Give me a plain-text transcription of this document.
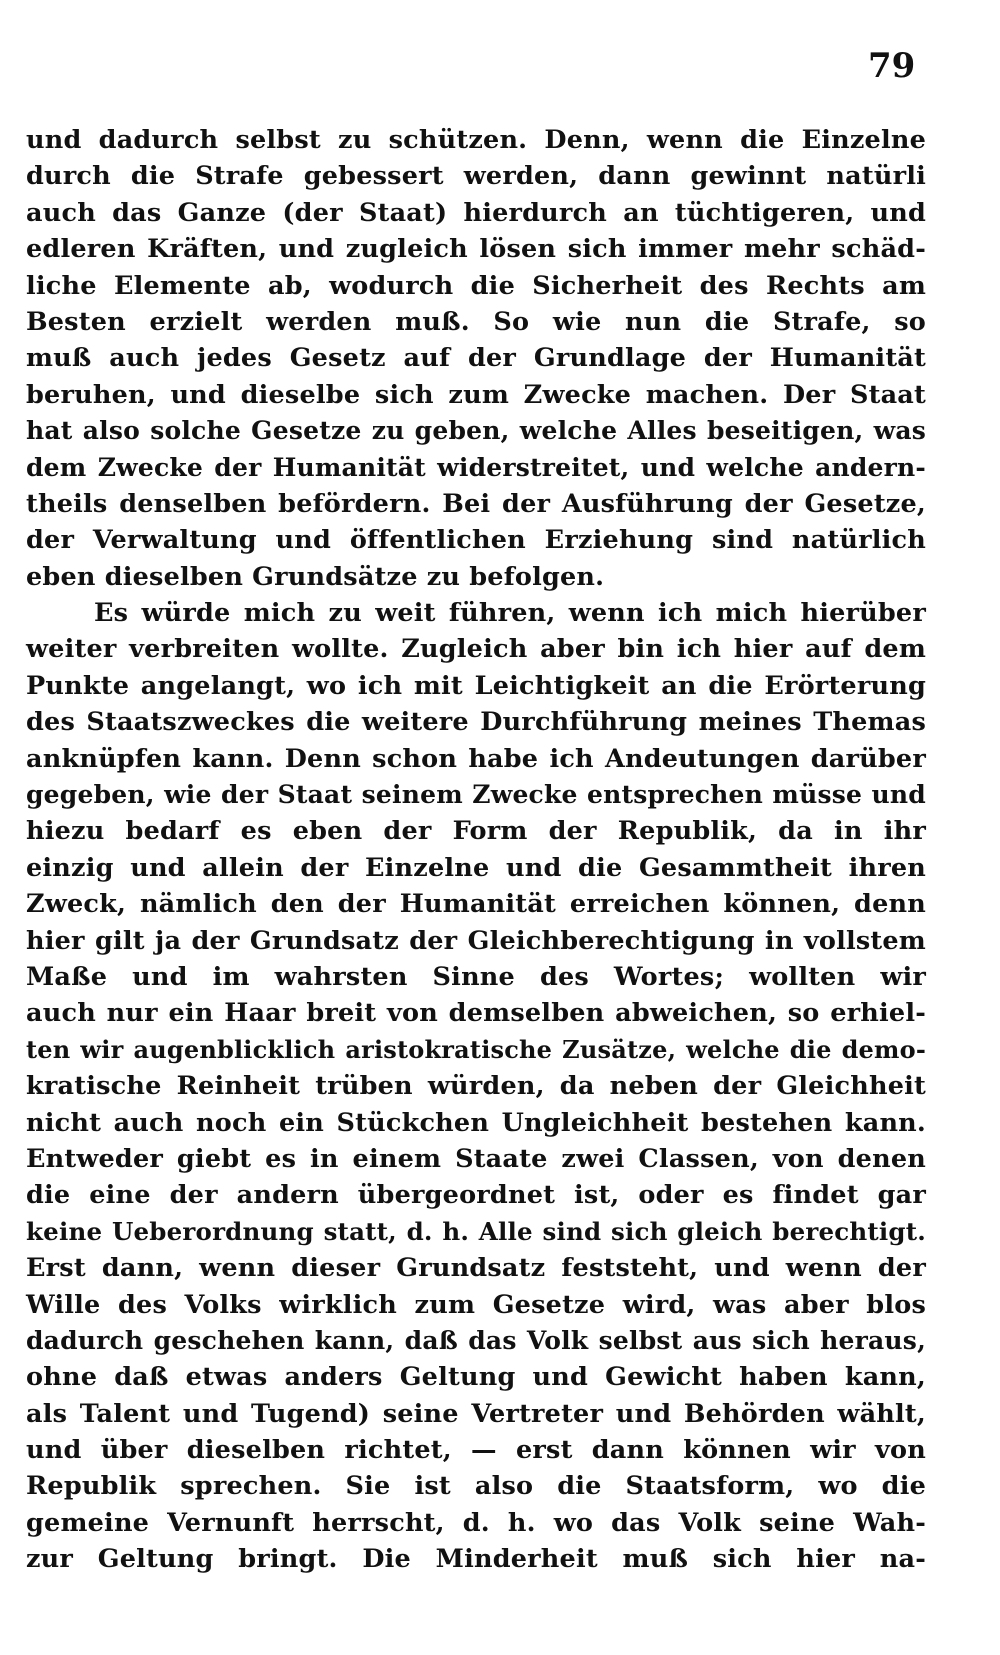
79
und dadurch selbst zu schützen. Denn, wenn die Einzelne
durch die Strafe gebessert werden, dann gewinnt natürli
auch das Ganze (der Staat) hierdurch an tüchtigeren, und
edleren Kräften, und zugleich lösen sich immer mehr schäd-
liche Elemente ab, wodurch die Sicherheit des Rechts am
Besten erzielt werden muß. So wie nun die Strafe, so
muß auch jedes Gesetz auf der Grundlage der Humanität
beruhen, und dieselbe sich zum Zwecke machen. Der Staat
hat also solche Gesetze zu geben, welche Alles beseitigen, was
dem Zwecke der Humanität widerstreitet, und welche andern-
theils denselben befördern. Bei der Ausführung der Gesetze,
der Verwaltung und öffentlichen Erziehung sind natürlich
eben dieselben Grundsätze zu befolgen.
Es würde mich zu weit führen, wenn ich mich hierüber
weiter verbreiten wollte. Zugleich aber bin ich hier auf dem
Punkte angelangt, wo ich mit Leichtigkeit an die Erörterung
des Staatszweckes die weitere Durchführung meines Themas
anknüpfen kann. Denn schon habe ich Andeutungen darüber
gegeben, wie der Staat seinem Zwecke entsprechen müsse und
hiezu bedarf es eben der Form der Republik, da in ihr
einzig und allein der Einzelne und die Gesammtheit ihren
Zweck, nämlich den der Humanität erreichen können, denn
hier gilt ja der Grundsatz der Gleichberechtigung in vollstem
Maße und im wahrsten Sinne des Wortes; wollten wir
auch nur ein Haar breit von demselben abweichen, so erhiel-
ten wir augenblicklich aristokratische Zusätze, welche die demo-
kratische Reinheit trüben würden, da neben der Gleichheit
nicht auch noch ein Stückchen Ungleichheit bestehen kann.
Entweder giebt es in einem Staate zwei Classen, von denen
die eine der andern übergeordnet ist, oder es findet gar
keine Ueberordnung statt, d. h. Alle sind sich gleich berechtigt.
Erst dann, wenn dieser Grundsatz feststeht, und wenn der
Wille des Volks wirklich zum Gesetze wird, was aber blos
dadurch geschehen kann, daß das Volk selbst aus sich heraus,
ohne daß etwas anders Geltung und Gewicht haben kann,
als Talent und Tugend) seine Vertreter und Behörden wählt,
und über dieselben richtet, — erst dann können wir von
Republik sprechen. Sie ist also die Staatsform, wo die
gemeine Vernunft herrscht, d. h. wo das Volk seine Wah-
zur Geltung bringt. Die Minderheit muß sich hier na-
